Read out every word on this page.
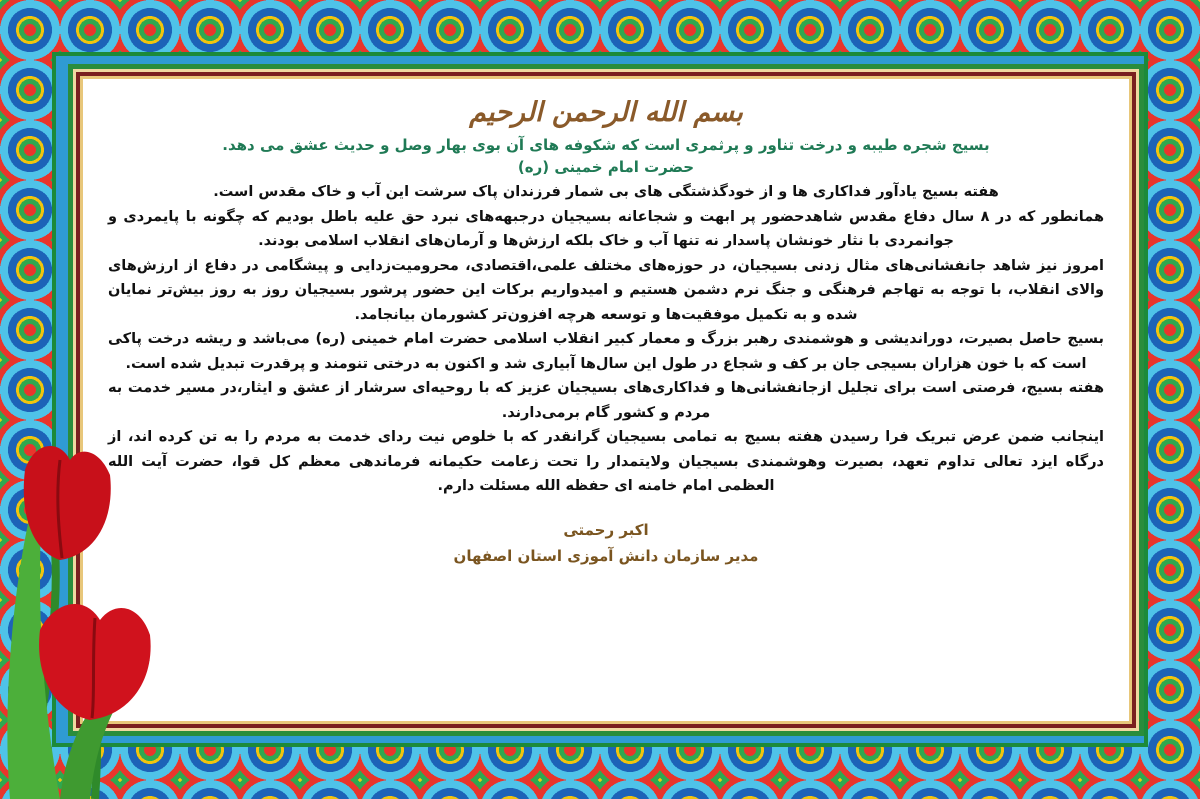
بسم الله الرحمن الرحیم
بسیج شجره طیبه و درخت تناور و پرثمری است که شکوفه های آن بوی بهار وصل و حدیث عشق می دهد.
حضرت امام خمینی (ره)

هفته بسیج یادآور فداکاری ها و از خودگذشتگی های بی شمار فرزندان پاک سرشت این آب و خاک مقدس است.

همانطور که در ۸ سال دفاع مقدس شاهدحضور پر ابهت و شجاعانه بسیجیان درجبهه‌های نبرد حق علیه باطل بودیم که چگونه با پایمردی و جوانمردی با نثار خونشان پاسدار نه تنها آب و خاک بلکه ارزش‌ها و آرمان‌های انقلاب اسلامی بودند.

امروز نیز شاهد جانفشانی‌های مثال زدنی بسیجیان، در حوزه‌های مختلف علمی،اقتصادی، محرومیت‌زدایی و پیشگامی در دفاع از ارزش‌های والای انقلاب، با توجه به تهاجم فرهنگی و جنگ نرم دشمن هستیم و امیدواریم برکات این حضور پرشور بسیجیان روز به روز بیش‌تر نمایان شده و به تکمیل موفقیت‌ها و توسعه هرچه افزون‌تر کشورمان بیانجامد.

بسیج حاصل بصیرت، دوراندیشی و هوشمندی رهبر بزرگ و معمار کبیر انقلاب اسلامی حضرت امام خمینی (ره) می‌باشد و ریشه درخت پاکی است که با خون هزاران بسیجی جان بر کف و شجاع در طول این سال‌ها آبیاری شد و اکنون به درختی تنومند و پرقدرت تبدیل شده است.

هفته بسیج، فرصتی است برای تجلیل ازجانفشانی‌ها و فداکاری‌های بسیجیان عزیز که با روحیه‌ای سرشار از عشق و ایثار،در مسیر خدمت به مردم و کشور گام برمی‌دارند.

اینجانب ضمن عرض تبریک فرا رسیدن هفته بسیج به تمامی بسیجیان گرانقدر که با خلوص نیت ردای خدمت به مردم را به تن کرده اند، از درگاه ایزد تعالی تداوم تعهد، بصیرت وهوشمندی بسیجیان ولایتمدار را تحت زعامت حکیمانه فرماندهی معظم کل قوا، حضرت آیت الله العظمی امام خامنه ای حفظه الله مسئلت دارم.

اکبر رحمتی
مدیر سازمان دانش آموزی استان اصفهان
